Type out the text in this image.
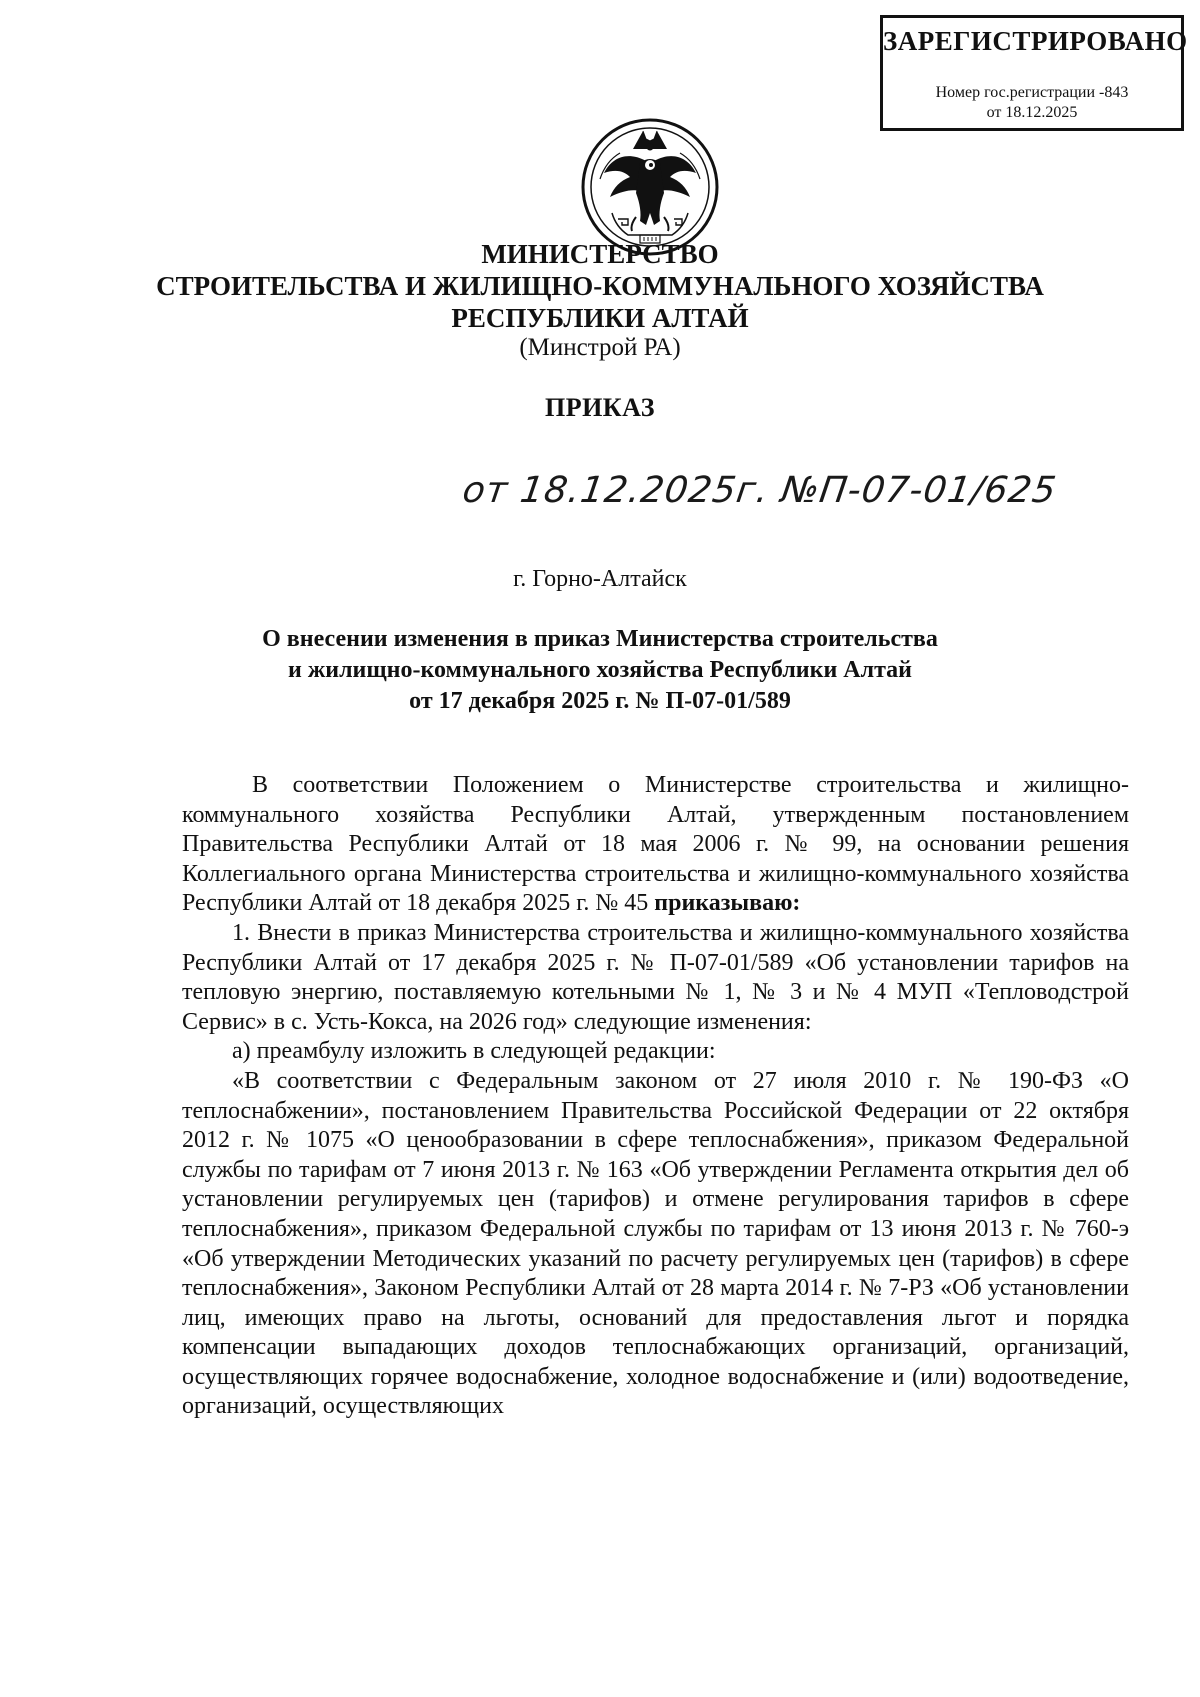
ЗАРЕГИСТРИРОВАНО
Номер гос.регистрации -843
от 18.12.2025
МИНИСТЕРСТВО
СТРОИТЕЛЬСТВА И ЖИЛИЩНО-КОММУНАЛЬНОГО ХОЗЯЙСТВА
РЕСПУБЛИКИ АЛТАЙ
(Минстрой РА)
ПРИКАЗ
от 18.12.2025г. №П-07-01/625
г. Горно-Алтайск
О внесении изменения в приказ Министерства строительства
и жилищно-коммунального хозяйства Республики Алтай
от 17 декабря 2025 г. № П-07-01/589

В соответствии Положением о Министерстве строительства и жилищно-коммунального хозяйства Республики Алтай, утвержденным постановлением Правительства Республики Алтай от 18 мая 2006 г. № 99, на основании решения Коллегиального органа Министерства строительства и жилищно-коммунального хозяйства Республики Алтай от 18 декабря 2025 г. № 45 приказываю:

1. Внести в приказ Министерства строительства и жилищно-коммунального хозяйства Республики Алтай от 17 декабря 2025 г. № П-07-01/589 «Об установлении тарифов на тепловую энергию, поставляемую котельными № 1, № 3 и № 4 МУП «Тепловодстрой Сервис» в с. Усть-Кокса, на 2026 год» следующие изменения:

а) преамбулу изложить в следующей редакции:

«В соответствии с Федеральным законом от 27 июля 2010 г. № 190-ФЗ «О теплоснабжении», постановлением Правительства Российской Федерации от 22 октября 2012 г. № 1075 «О ценообразовании в сфере теплоснабжения», приказом Федеральной службы по тарифам от 7 июня 2013 г. № 163 «Об утверждении Регламента открытия дел об установлении регулируемых цен (тарифов) и отмене регулирования тарифов в сфере теплоснабжения», приказом Федеральной службы по тарифам от 13 июня 2013 г. № 760-э «Об утверждении Методических указаний по расчету регулируемых цен (тарифов) в сфере теплоснабжения», Законом Республики Алтай от 28 марта 2014 г. № 7-РЗ «Об установлении лиц, имеющих право на льготы, оснований для предоставления льгот и порядка компенсации выпадающих доходов теплоснабжающих организаций, организаций, осуществляющих горячее водоснабжение, холодное водоснабжение и (или) водоотведение, организаций, осуществляющих
